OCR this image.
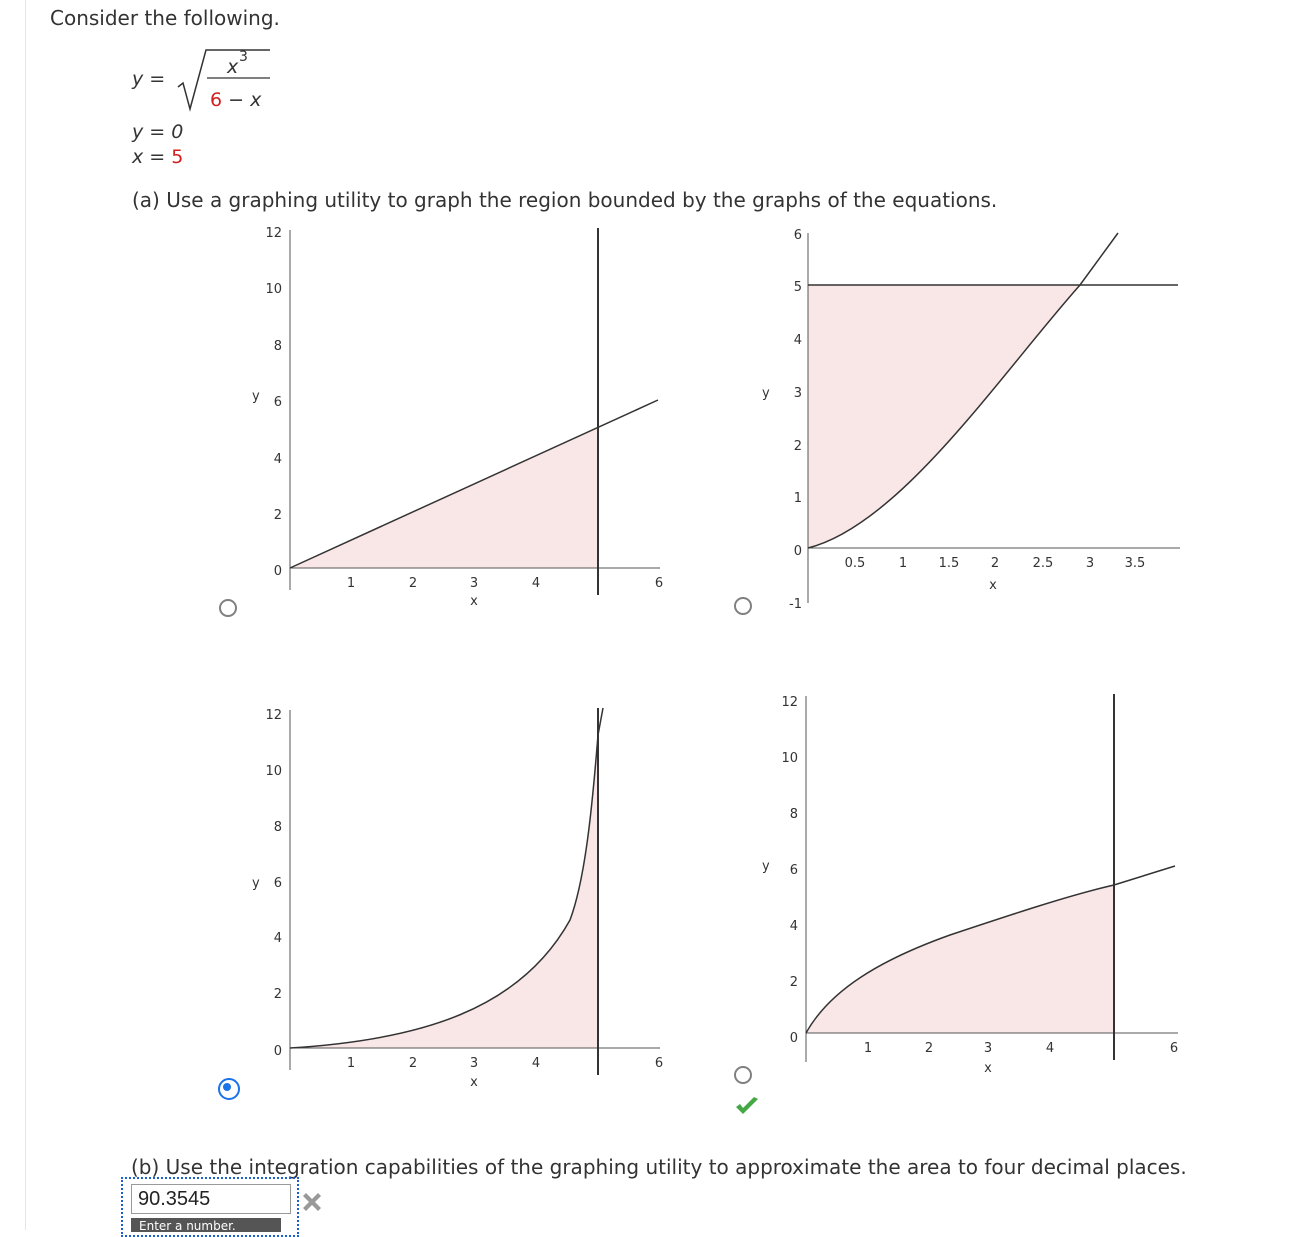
Consider the following.
y =
x 3
6 − x
y = 0
x = 5
(a) Use a graphing utility to graph the region bounded by the graphs of the equations.
12
10
8
6
4
2
0
y
1	2	3	4	6
x
6
5
4
3
2
1
0
-1
y
0.5	1 1.5 2	2.5	3 3.5
x
12
10
8
6
4
2
0
y
1	2	3	4	6
x
12
10
8
6
4
2
0
y
1	2	3	4	6
x
(b) Use the integration capabilities of the graphing utility to approximate the area to four decimal places.
90.3545
Enter a number.
